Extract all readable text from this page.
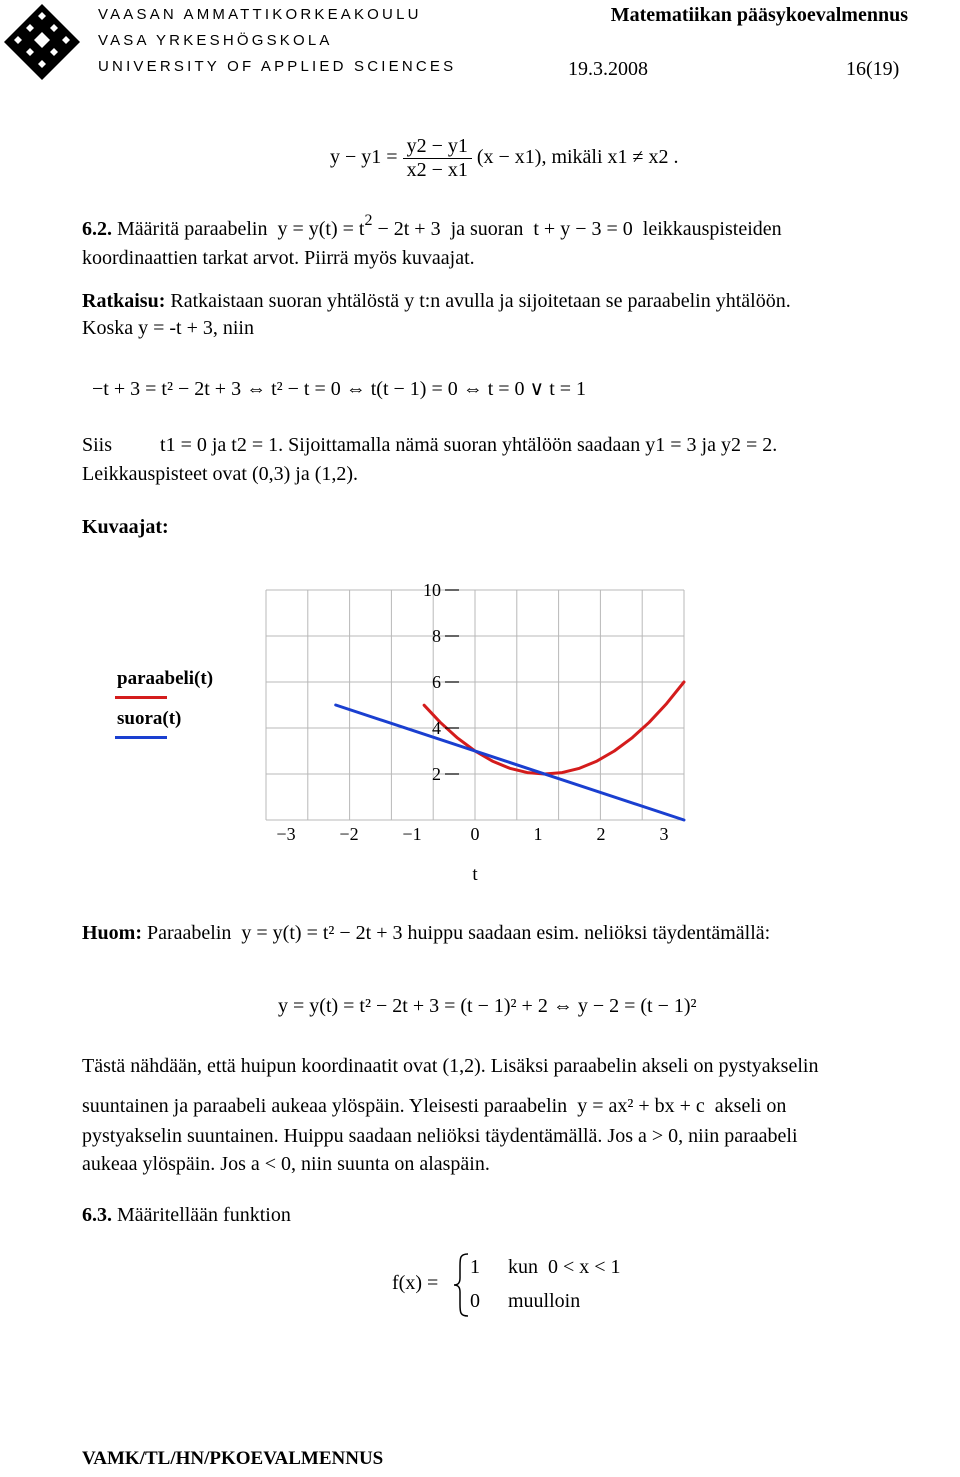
VAASAN AMMATTIKORKEAKOULU
VASA YRKESHÖGSKOLA
UNIVERSITY OF APPLIED SCIENCES
Matematiikan pääsykoevalmennus
19.3.2008	16(19)
$y - y1 = \frac{y2 - y1}{x2 - x1} (x - x1)$, mikäli x1 ≠ x2 .
6.2. Määritä paraabelin $y = y(t) = t^2 - 2t + 3$ ja suoran t + y − 3 = 0 leikkauspisteiden
koordinaattien tarkat arvot. Piirrä myös kuvaajat.
Ratkaisu: Ratkaistaan suoran yhtälöstä y t:n avulla ja sijoitetaan se paraabelin yhtälöön.
Koska y = -t + 3, niin
−t + 3 = t² − 2t + 3 ⇔ t² − t = 0 ⇔ t(t − 1) = 0 ⇔ t = 0 ∨ t = 1
Siis t1 = 0 ja t2 = 1. Sijoittamalla nämä suoran yhtälöön saadaan y1 = 3 ja y2 = 2.
Leikkauspisteet ovat (0,3) ja (1,2).
Kuvaajat:
paraabeli(t)
suora(t)
2
4
6
8
10
−3 −2 −1	0	1	2	3
t
Huom: Paraabelin y = y(t) = t² − 2t + 3 huippu saadaan esim. neliöksi täydentämällä:
y = y(t) = t² − 2t + 3 = (t − 1)² + 2 ⇔ y − 2 = (t − 1)²
Tästä nähdään, että huipun koordinaatit ovat (1,2). Lisäksi paraabelin akseli on pystyakselin
suuntainen ja paraabeli aukeaa ylöspäin. Yleisesti paraabelin y = ax² + bx + c akseli on
pystyakselin suuntainen. Huippu saadaan neliöksi täydentämällä. Jos a > 0, niin paraabeli
aukeaa ylöspäin. Jos a < 0, niin suunta on alaspäin.
6.3. Määritellään funktion
f(x) =
1 kun  0 < x < 1
0 muulloin
VAMK/TL/HN/PKOEVALMENNUS
